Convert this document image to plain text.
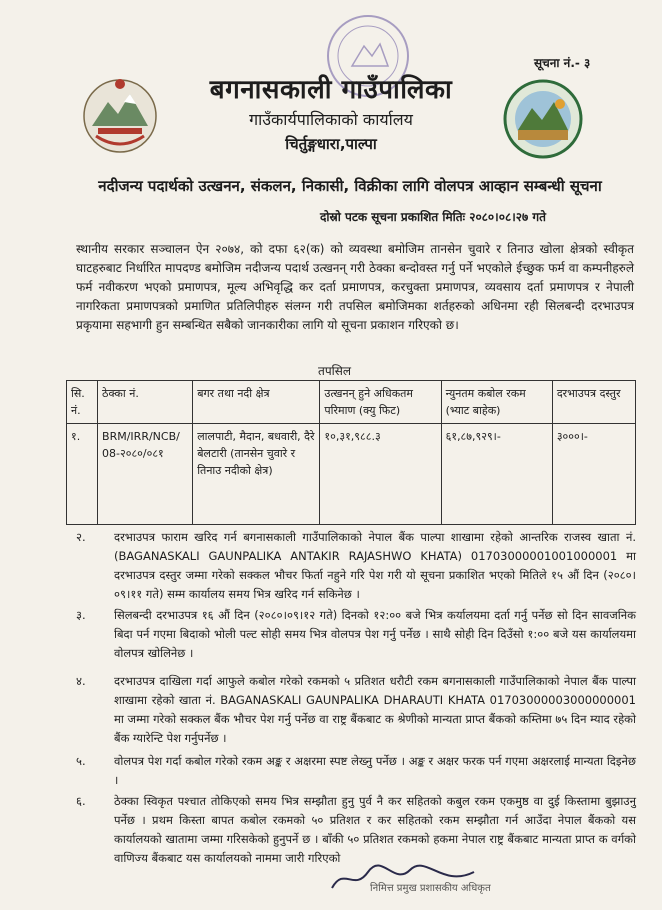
सूचना नं.- ३
बगनासकाली गाउँपालिका
गाउँकार्यपालिकाको कार्यालय
चिर्तुङ्गधारा,पाल्पा
नदीजन्य पदार्थको उत्खनन, संकलन, निकासी, विक्रीका लागि वोलपत्र आव्हान सम्बन्धी सूचना
दोस्रो पटक सूचना प्रकाशित मितिः २०८०।०८।२७ गते
स्थानीय सरकार सञ्चालन ऐन २०७४, को दफा ६२(क) को व्यवस्था बमोजिम तानसेन चुवारे र तिनाउ खोला क्षेत्रको स्वीकृत घाटहरुबाट निर्धारित मापदण्ड बमोजिम नदीजन्य पदार्थ उत्खनन् गरी ठेक्का बन्दोवस्त गर्नु पर्ने भएकोले ईच्छुक फर्म वा कम्पनीहरुले फर्म नवीकरण भएको प्रमाणपत्र, मूल्य अभिवृद्धि कर दर्ता प्रमाणपत्र, करचुक्ता प्रमाणपत्र, व्यवसाय दर्ता प्रमाणपत्र र नेपाली नागरिकता प्रमाणपत्रको प्रमाणित प्रतिलिपीहरु संलग्न गरी तपसिल बमोजिमका शर्तहरुको अधिनमा रही सिलबन्दी दरभाउपत्र प्रकृयामा सहभागी हुन सम्बन्धित सबैको जानकारीका लागि यो सूचना प्रकाशन गरिएको छ।
तपसिल
सि. नं.	ठेक्का नं.	बगर तथा नदी क्षेत्र	उत्खनन् हुने अधिकतम परिमाण (क्यु फिट)	न्युनतम कबोल रकम (भ्याट बाहेक)	दरभाउपत्र दस्तुर
१.	BRM/IRR/NCB/ 08-२०८०/०८१	लालपाटी, मैदान, बधवारी, दैरे बेलटारी (तानसेन चुवारे र तिनाउ नदीको क्षेत्र)	१०,३१,९८८.३	६१,८७,९२९।-	३०००।-
२.	दरभाउपत्र फाराम खरिद गर्न बगनासकाली गाउँपालिकाको नेपाल बैंक पाल्पा शाखामा रहेको आन्तरिक राजस्व खाता नं. (BAGANASKALI GAUNPALIKA ANTAKIR RAJASHWO KHATA) 01703000001001000001 मा दरभाउपत्र दस्तुर जम्मा गरेको सक्कल भौचर फिर्ता नहुने गरि पेश गरी यो सूचना प्रकाशित भएको मितिले १५ औं दिन (२०८०।०९।११ गते) सम्म कार्यालय समय भित्र खरिद गर्न सकिनेछ ।
३.	सिलबन्दी दरभाउपत्र १६ औं दिन (२०८०।०९।१२ गते) दिनको १२:०० बजे भित्र कर्यालयमा दर्ता गर्नु पर्नेछ सो दिन सावजनिक बिदा पर्न गएमा बिदाको भोली पल्ट सोही समय भित्र वोलपत्र पेश गर्नु पर्नेछ । साथै सोही दिन दिउँसो १:०० बजे यस कार्यालयमा वोलपत्र खोलिनेछ ।
४.	दरभाउपत्र दाखिला गर्दा आफुले कबोल गरेको रकमको ५ प्रतिशत धरौटी रकम बगनासकाली गाउँपालिकाको नेपाल बैंक पाल्पा शाखामा रहेको खाता नं. BAGANASKALI GAUNPALIKA DHARAUTI KHATA 01703000003000000001 मा जम्मा गरेको सक्कल बैंक भौचर पेश गर्नु पर्नेछ वा राष्ट्र बैंकबाट क श्रेणीको मान्यता प्राप्त बैंकको कम्तिमा ७५ दिन म्याद रहेको बैंक ग्यारेन्टि पेश गर्नुपर्नेछ ।
५.	वोलपत्र पेश गर्दा कबोल गरेको रकम अङ्क र अक्षरमा स्पष्ट लेख्नु पर्नेछ । अङ्क र अक्षर फरक पर्न गएमा अक्षरलाई मान्यता दिइनेछ ।
६.	ठेक्का स्विकृत पश्चात तोकिएको समय भित्र सम्झौता हुनु पुर्व नै कर सहितको कबुल रकम एकमुष्ठ वा दुई किस्तामा बुझाउनु पर्नेछ । प्रथम किस्ता बापत कबोल रकमको ५० प्रतिशत र कर सहितको रकम सम्झौता गर्न आउँदा नेपाल बैंकको यस कार्यालयको खातामा जम्मा गरिसकेको हुनुपर्ने छ । बाँकी ५० प्रतिशत रकमको हकमा नेपाल राष्ट्र बैंकबाट मान्यता प्राप्त क वर्गको वाणिज्य बैंकबाट यस कार्यालयको नाममा जारी गरिएको
निमित्त प्रमुख प्रशासकीय अधिकृत
